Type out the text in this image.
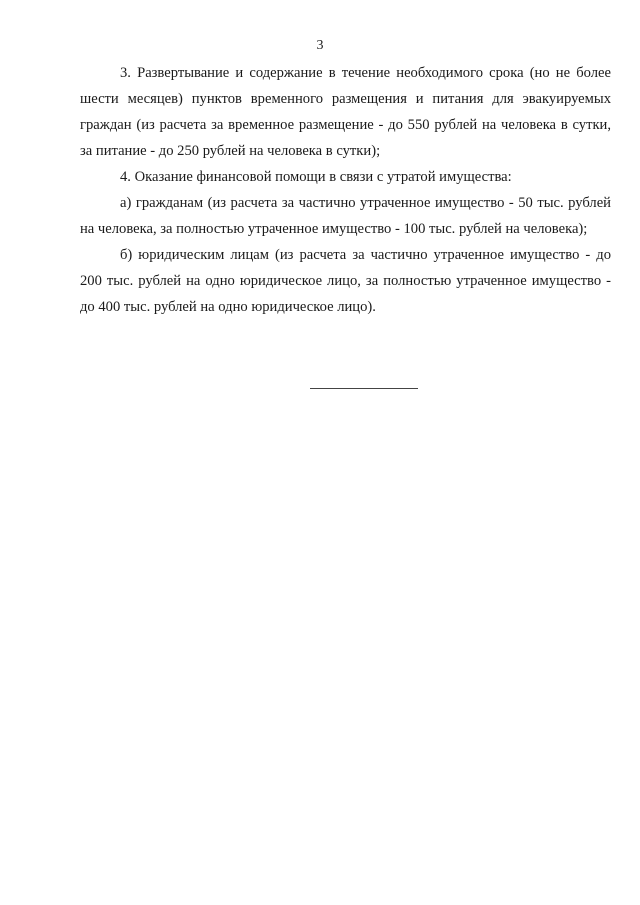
3

3. Развертывание и содержание в течение необходимого срока (но не более шести месяцев) пунктов временного размещения и питания для эвакуируемых граждан (из расчета за временное размещение - до 550 рублей на человека в сутки, за питание - до 250 рублей на человека в сутки);

4. Оказание финансовой помощи в связи с утратой имущества:

а) гражданам (из расчета за частично утраченное имущество - 50 тыс. рублей на человека, за полностью утраченное имущество - 100 тыс. рублей на человека);

б) юридическим лицам (из расчета за частично утраченное имущество - до 200 тыс. рублей на одно юридическое лицо, за полностью утраченное имущество - до 400 тыс. рублей на одно юридическое лицо).
